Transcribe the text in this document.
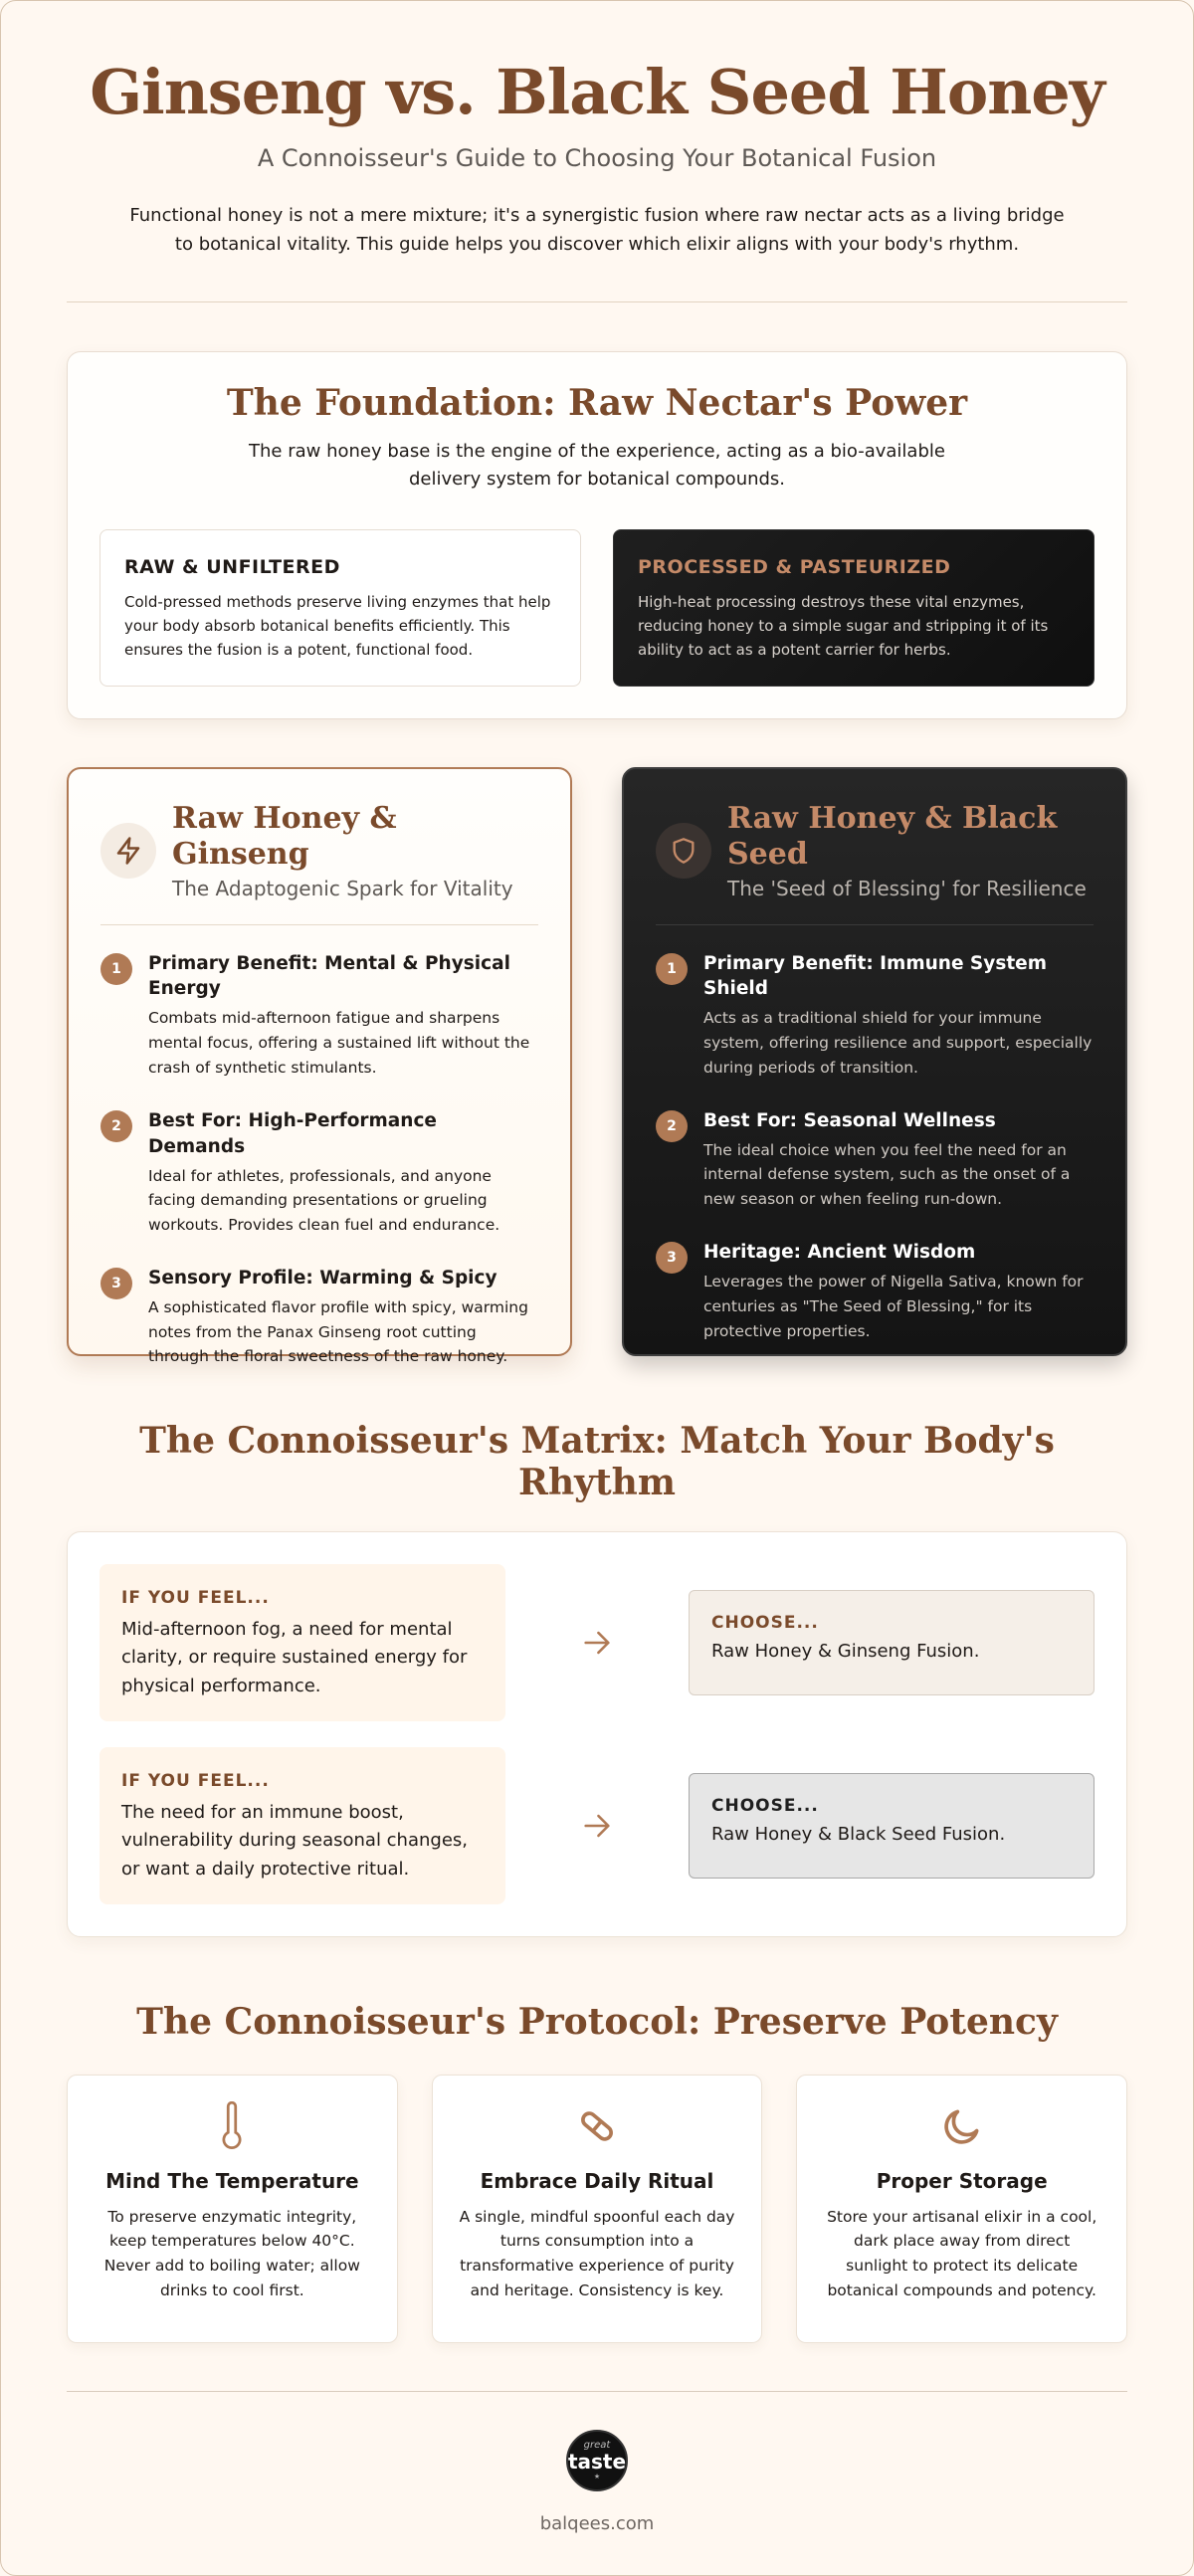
Ginseng vs. Black Seed Honey
A Connoisseur's Guide to Choosing Your Botanical Fusion

Functional honey is not a mere mixture; it's a synergistic fusion where raw nectar acts as a living bridge to botanical vitality. This guide helps you discover which elixir aligns with your body's rhythm.

The Foundation: Raw Nectar's Power

The raw honey base is the engine of the experience, acting as a bio-available delivery system for botanical compounds.

RAW & UNFILTERED

Cold-pressed methods preserve living enzymes that help your body absorb botanical benefits efficiently. This ensures the fusion is a potent, functional food.

PROCESSED & PASTEURIZED

High-heat processing destroys these vital enzymes, reducing honey to a simple sugar and stripping it of its ability to act as a potent carrier for herbs.

Raw Honey & Ginseng
The Adaptogenic Spark for Vitality
1	Primary Benefit: Mental & Physical Energy

Combats mid-afternoon fatigue and sharpens mental focus, offering a sustained lift without the crash of synthetic stimulants.

2	Best For: High-Performance Demands

Ideal for athletes, professionals, and anyone facing demanding presentations or grueling workouts. Provides clean fuel and endurance.

3	Sensory Profile: Warming & Spicy

A sophisticated flavor profile with spicy, warming notes from the Panax Ginseng root cutting through the floral sweetness of the raw honey.

Raw Honey & Black Seed
The 'Seed of Blessing' for Resilience
1	Primary Benefit: Immune System Shield

Acts as a traditional shield for your immune system, offering resilience and support, especially during periods of transition.

2	Best For: Seasonal Wellness

The ideal choice when you feel the need for an internal defense system, such as the onset of a new season or when feeling run-down.

3	Heritage: Ancient Wisdom

Leverages the power of Nigella Sativa, known for centuries as "The Seed of Blessing," for its protective properties.

The Connoisseur's Matrix: Match Your Body's Rhythm
IF YOU FEEL...
Mid-afternoon fog, a need for mental clarity, or require sustained energy for physical performance.
CHOOSE...
Raw Honey & Ginseng Fusion.
IF YOU FEEL...
The need for an immune boost, vulnerability during seasonal changes, or want a daily protective ritual.
CHOOSE...
Raw Honey & Black Seed Fusion.
The Connoisseur's Protocol: Preserve Potency
Mind The Temperature

To preserve enzymatic integrity, keep temperatures below 40°C. Never add to boiling water; allow drinks to cool first.

Embrace Daily Ritual

A single, mindful spoonful each day turns consumption into a transformative experience of purity and heritage. Consistency is key.

Proper Storage

Store your artisanal elixir in a cool, dark place away from direct sunlight to protect its delicate botanical compounds and potency.

great
taste
★
balqees.com
